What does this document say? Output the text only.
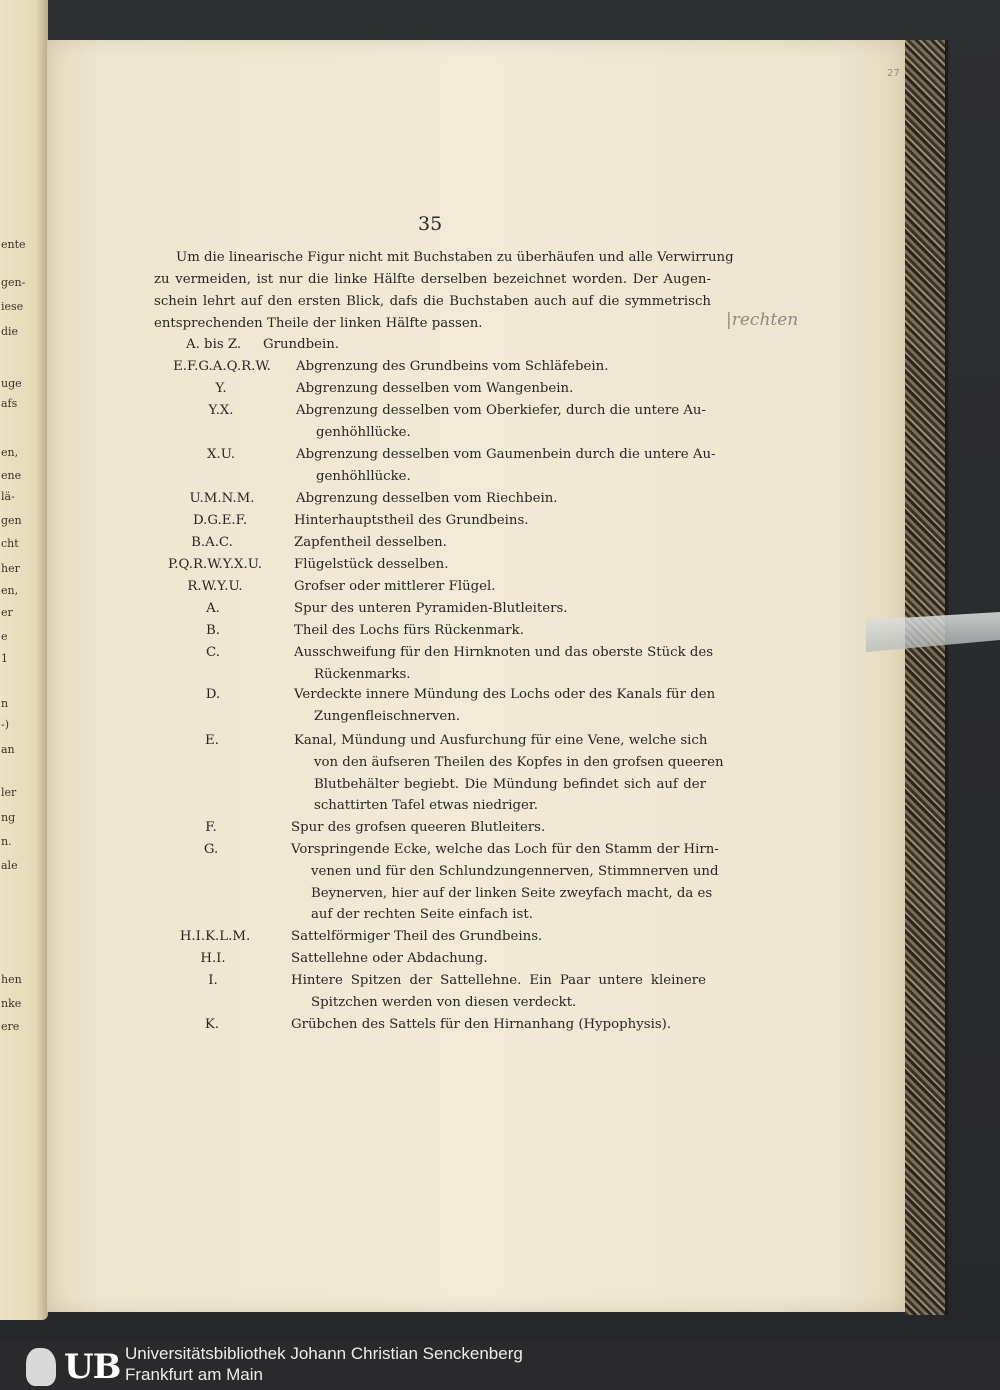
ente
gen-
iese
die
uge
afs
en,
ene
lä-
gen
cht
her
en,
er
e
1
n
-)
an
ler
ng
n.
ale
hen
nke
ere
27
35
Um die linearische Figur nicht mit Buchstaben zu überhäufen und alle Verwirrung
zu vermeiden, ist nur die linke Hälfte derselben bezeichnet worden. Der Augen-
schein lehrt auf den ersten Blick, dafs die Buchstaben auch auf die symmetrisch
entsprechenden Theile der linken Hälfte passen.	|rechten
A. bis Z. Grundbein.
E.F.G.A.Q.R.W.	Abgrenzung des Grundbeins vom Schläfebein.
Y.	Abgrenzung desselben vom Wangenbein.
Y.X.	Abgrenzung desselben vom Oberkiefer, durch die untere Au-
genhöhllücke.
X.U.	Abgrenzung desselben vom Gaumenbein durch die untere Au-
genhöhllücke.
U.M.N.M.	Abgrenzung desselben vom Riechbein.
D.G.E.F.	Hinterhauptstheil des Grundbeins.
B.A.C.	Zapfentheil desselben.
P.Q.R.W.Y.X.U.	Flügelstück desselben.
R.W.Y.U.	Grofser oder mittlerer Flügel.
A.	Spur des unteren Pyramiden-Blutleiters.
B.	Theil des Lochs fürs Rückenmark.
C.	Ausschweifung für den Hirnknoten und das oberste Stück des
Rückenmarks.
D.	Verdeckte innere Mündung des Lochs oder des Kanals für den
Zungenfleischnerven.
E.	Kanal, Mündung und Ausfurchung für eine Vene, welche sich
von den äufseren Theilen des Kopfes in den grofsen queeren
Blutbehälter begiebt. Die Mündung befindet sich auf der
schattirten Tafel etwas niedriger.
F.	Spur des grofsen queeren Blutleiters.
G.	Vorspringende Ecke, welche das Loch für den Stamm der Hirn-
venen und für den Schlundzungennerven, Stimmnerven und
Beynerven, hier auf der linken Seite zweyfach macht, da es
auf der rechten Seite einfach ist.
H.I.K.L.M.	Sattelförmiger Theil des Grundbeins.
H.I.	Sattellehne oder Abdachung.
I.	Hintere Spitzen der Sattellehne. Ein Paar untere kleinere
Spitzchen werden von diesen verdeckt.
K.	Grübchen des Sattels für den Hirnanhang (Hypophysis).
UB Universitätsbibliothek Johann Christian Senckenberg
Frankfurt am Main
